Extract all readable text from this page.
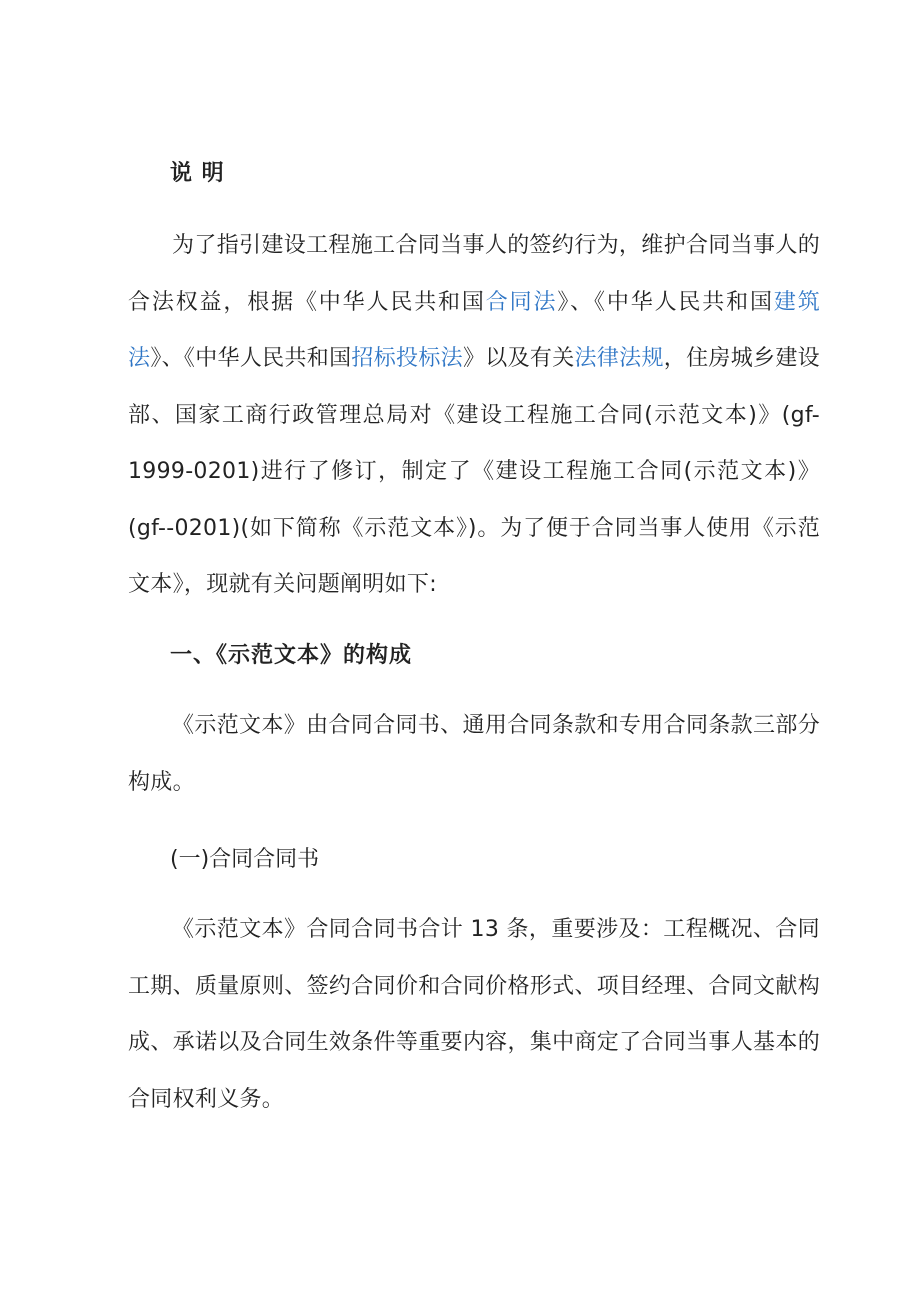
说 明
为了指引建设工程施工合同当事人的签约行为，维护合同当事人的合法权益，根据《中华人民共和国合同法》、《中华人民共和国建筑法》、《中华人民共和国招标投标法》以及有关法律法规，住房城乡建设部、国家工商行政管理总局对《建设工程施工合同(示范文本)》(gf-1999-0201)进行了修订，制定了《建设工程施工合同(示范文本)》(gf--0201)(如下简称《示范文本》)。为了便于合同当事人使用《示范文本》，现就有关问题阐明如下:
一、《示范文本》的构成
《示范文本》由合同合同书、通用合同条款和专用合同条款三部分构成。
(一)合同合同书
《示范文本》合同合同书合计 13 条，重要涉及：工程概况、合同工期、质量原则、签约合同价和合同价格形式、项目经理、合同文献构成、承诺以及合同生效条件等重要内容，集中商定了合同当事人基本的合同权利义务。
